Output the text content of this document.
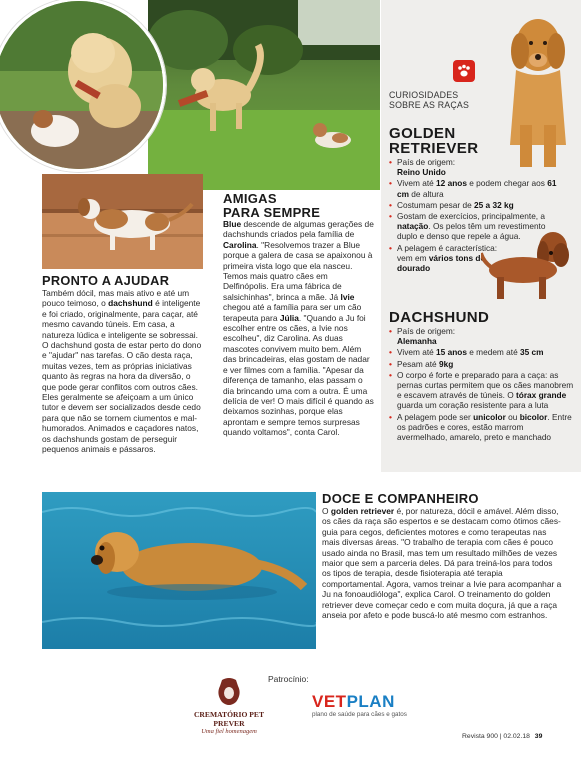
CURIOSIDADES
SOBRE AS RAÇAS
GOLDEN
RETRIEVER

• País de origem:
Reino Unido

• Vivem até 12 anos e podem chegar aos 61 cm de altura

• Costumam pesar de 25 a 32 kg

• Gostam de exercícios, principalmente, a natação. Os pelos têm um revestimento duplo e denso que repele a água.

• A pelagem é característica: vem em vários tons de dourado

DACHSHUND

• País de origem:
Alemanha

• Vivem até 15 anos e medem até 35 cm

• Pesam até 9kg

• O corpo é forte e preparado para a caça: as pernas curtas permitem que os cães manobrem e escavem através de túneis. O tórax grande guarda um coração resistente para a luta

• A pelagem pode ser unicolor ou bicolor. Entre os padrões e cores, estão marrom avermelhado, amarelo, preto e manchado

PRONTO A AJUDAR

Também dócil, mas mais ativo e até um pouco teimoso, o dachshund é inteligente e foi criado, originalmente, para caçar, até mesmo cavando túneis. Em casa, a natureza lúdica e inteligente se sobressai. O dachshund gosta de estar perto do dono e "ajudar" nas tarefas. O cão desta raça, muitas vezes, tem as próprias iniciativas quanto às regras na hora da diversão, o que pode gerar conflitos com outros cães. Eles geralmente se afeiçoam a um único tutor e devem ser socializados desde cedo para que não se tornem ciumentos e mal-humorados. Animados e caçadores natos, os dachshunds gostam de perseguir pequenos animais e pássaros.

AMIGAS
PARA SEMPRE

Blue descende de algumas gerações de dachshunds criados pela família de Carolina. "Resolvemos trazer a Blue porque a galera de casa se apaixonou à primeira vista logo que ela nasceu. Temos mais quatro cães em Delfinópolis. Era uma fábrica de salsichinhas", brinca a mãe. Já Ivie chegou até a família para ser um cão terapeuta para Júlia. "Quando a Ju foi escolher entre os cães, a Ivie nos escolheu", diz Carolina. As duas mascotes convivem muito bem. Além das brincadeiras, elas gostam de nadar e ver filmes com a família. "Apesar da diferença de tamanho, elas passam o dia brincando uma com a outra. É uma delícia de ver! O mais difícil é quando as deixamos sozinhas, porque elas aprontam e sempre temos surpresas quando voltamos", conta Carol.

DOCE E COMPANHEIRO

O golden retriever é, por natureza, dócil e amável. Além disso, os cães da raça são espertos e se destacam como ótimos cães-guia para cegos, deficientes motores e como terapeutas nas mais diversas áreas. "O trabalho de terapia com cães é pouco usado ainda no Brasil, mas tem um resultado milhões de vezes maior que sem a parceria deles. Dá para treiná-los para todos os tipos de terapia, desde fisioterapia até terapia comportamental. Agora, vamos treinar a Ivie para acompanhar a Ju na fonoaudióloga", explica Carol. O treinamento do golden retriever deve começar cedo e com muita doçura, já que a raça anseia por afeto e pode buscá-lo até mesmo com estranhos.

Patrocínio:
CREMATÓRIO PET PREVER
Uma fiel homenagem
VETPLAN
plano de saúde para cães e gatos
Revista 900 | 02.02.18 39
